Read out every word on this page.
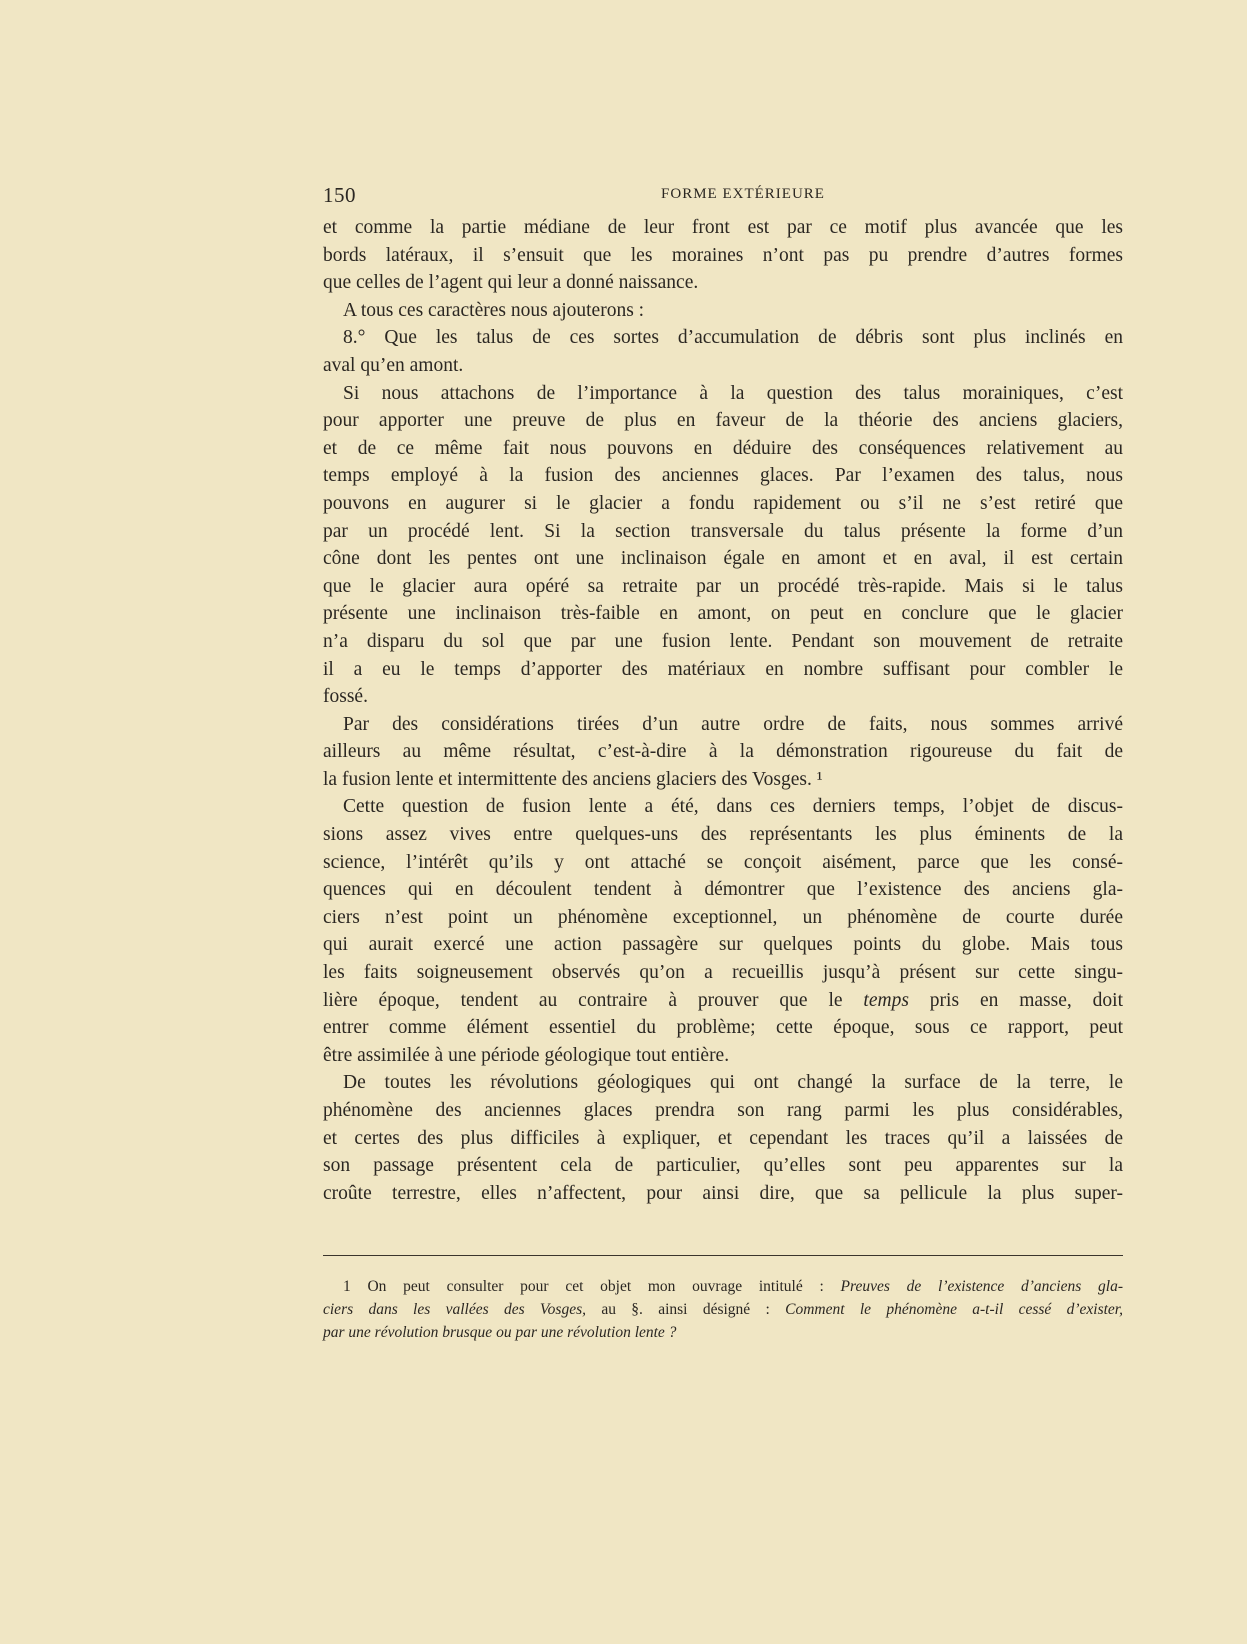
150	FORME EXTÉRIEURE
et comme la partie médiane de leur front est par ce motif plus avancée que les
bords latéraux, il s’ensuit que les moraines n’ont pas pu prendre d’autres formes
que celles de l’agent qui leur a donné naissance.
A tous ces caractères nous ajouterons :
8.° Que les talus de ces sortes d’accumulation de débris sont plus inclinés en
aval qu’en amont.
Si nous attachons de l’importance à la question des talus morainiques, c’est
pour apporter une preuve de plus en faveur de la théorie des anciens glaciers,
et de ce même fait nous pouvons en déduire des conséquences relativement au
temps employé à la fusion des anciennes glaces. Par l’examen des talus, nous
pouvons en augurer si le glacier a fondu rapidement ou s’il ne s’est retiré que
par un procédé lent. Si la section transversale du talus présente la forme d’un
cône dont les pentes ont une inclinaison égale en amont et en aval, il est certain
que le glacier aura opéré sa retraite par un procédé très-rapide. Mais si le talus
présente une inclinaison très-faible en amont, on peut en conclure que le glacier
n’a disparu du sol que par une fusion lente. Pendant son mouvement de retraite
il a eu le temps d’apporter des matériaux en nombre suffisant pour combler le
fossé.
Par des considérations tirées d’un autre ordre de faits, nous sommes arrivé
ailleurs au même résultat, c’est-à-dire à la démonstration rigoureuse du fait de
la fusion lente et intermittente des anciens glaciers des Vosges. ¹
Cette question de fusion lente a été, dans ces derniers temps, l’objet de discus-
sions assez vives entre quelques-uns des représentants les plus éminents de la
science, l’intérêt qu’ils y ont attaché se conçoit aisément, parce que les consé-
quences qui en découlent tendent à démontrer que l’existence des anciens gla-
ciers n’est point un phénomène exceptionnel, un phénomène de courte durée
qui aurait exercé une action passagère sur quelques points du globe. Mais tous
les faits soigneusement observés qu’on a recueillis jusqu’à présent sur cette singu-
lière époque, tendent au contraire à prouver que le temps pris en masse, doit
entrer comme élément essentiel du problème; cette époque, sous ce rapport, peut
être assimilée à une période géologique tout entière.
De toutes les révolutions géologiques qui ont changé la surface de la terre, le
phénomène des anciennes glaces prendra son rang parmi les plus considérables,
et certes des plus difficiles à expliquer, et cependant les traces qu’il a laissées de
son passage présentent cela de particulier, qu’elles sont peu apparentes sur la
croûte terrestre, elles n’affectent, pour ainsi dire, que sa pellicule la plus super-
1 On peut consulter pour cet objet mon ouvrage intitulé : Preuves de l’existence d’anciens gla-
ciers dans les vallées des Vosges, au §. ainsi désigné : Comment le phénomène a-t-il cessé d’exister,
par une révolution brusque ou par une révolution lente ?
